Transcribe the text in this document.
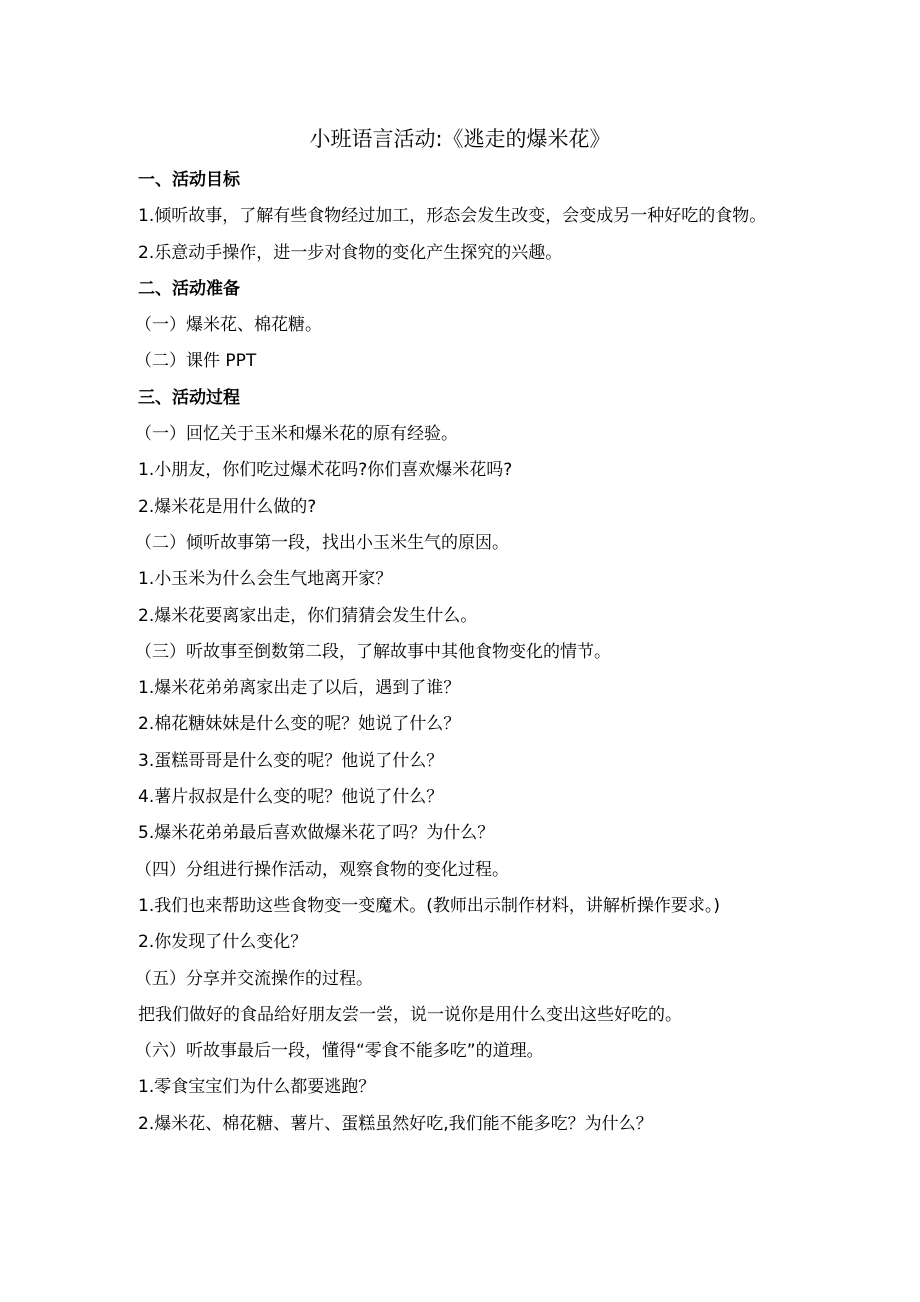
小班语言活动:《逃走的爆米花》
一、活动目标
1.倾听故事，了解有些食物经过加工，形态会发生改变，会变成另一种好吃的食物。
2.乐意动手操作，进一步对食物的变化产生探究的兴趣。
二、活动准备
（一）爆米花、棉花糖。
（二）课件 PPT
三、活动过程
（一）回忆关于玉米和爆米花的原有经验。
1.小朋友，你们吃过爆术花吗?你们喜欢爆米花吗?
2.爆米花是用什么做的?
（二）倾听故事第一段，找出小玉米生气的原因。
1.小玉米为什么会生气地离开家？
2.爆米花要离家出走，你们猜猜会发生什么。
（三）听故事至倒数第二段，了解故事中其他食物变化的情节。
1.爆米花弟弟离家出走了以后，遇到了谁？
2.棉花糖妹妹是什么变的呢？她说了什么？
3.蛋糕哥哥是什么变的呢？他说了什么？
4.薯片叔叔是什么变的呢？他说了什么？
5.爆米花弟弟最后喜欢做爆米花了吗？为什么？
（四）分组进行操作活动，观察食物的变化过程。
1.我们也来帮助这些食物变一变魔术。(教师出示制作材料，讲解析操作要求。)
2.你发现了什么变化？
（五）分享并交流操作的过程。
把我们做好的食品给好朋友尝一尝，说一说你是用什么变出这些好吃的。
（六）听故事最后一段，懂得“零食不能多吃”的道理。
1.零食宝宝们为什么都要逃跑？
2.爆米花、棉花糖、薯片、蛋糕虽然好吃,我们能不能多吃？为什么？
